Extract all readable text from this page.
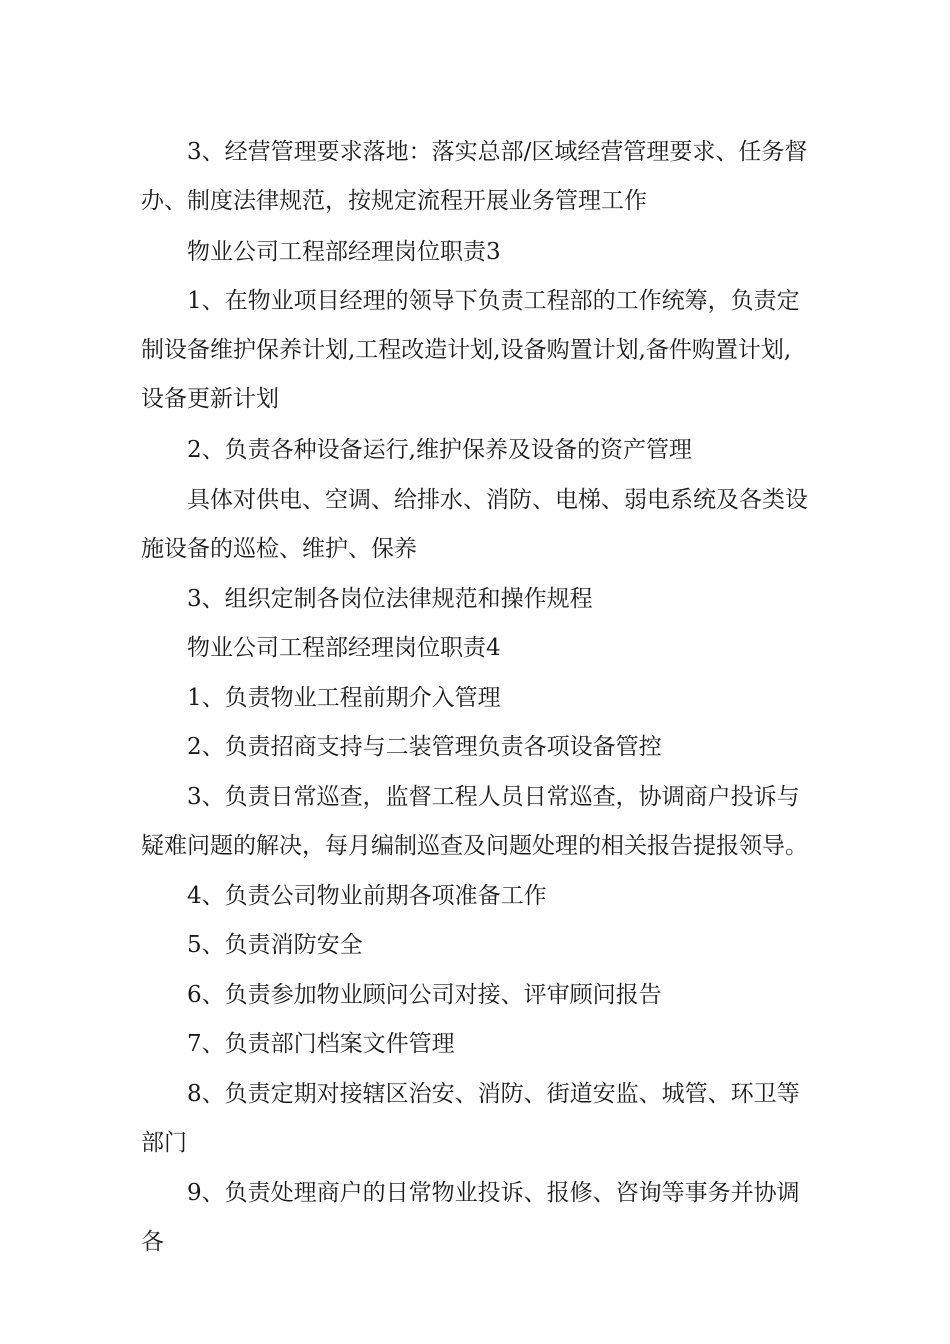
3、经营管理要求落地：落实总部/区域经营管理要求、任务督办、制度法律规范，按规定流程开展业务管理工作

物业公司工程部经理岗位职责3

1、在物业项目经理的领导下负责工程部的工作统筹，负责定制设备维护保养计划,工程改造计划,设备购置计划,备件购置计划,设备更新计划

2、负责各种设备运行,维护保养及设备的资产管理

具体对供电、空调、给排水、消防、电梯、弱电系统及各类设施设备的巡检、维护、保养

3、组织定制各岗位法律规范和操作规程

物业公司工程部经理岗位职责4

1、负责物业工程前期介入管理

2、负责招商支持与二装管理负责各项设备管控

3、负责日常巡查，监督工程人员日常巡查，协调商户投诉与疑难问题的解决，每月编制巡查及问题处理的相关报告提报领导。

4、负责公司物业前期各项准备工作

5、负责消防安全

6、负责参加物业顾问公司对接、评审顾问报告

7、负责部门档案文件管理

8、负责定期对接辖区治安、消防、街道安监、城管、环卫等部门

9、负责处理商户的日常物业投诉、报修、咨询等事务并协调各
